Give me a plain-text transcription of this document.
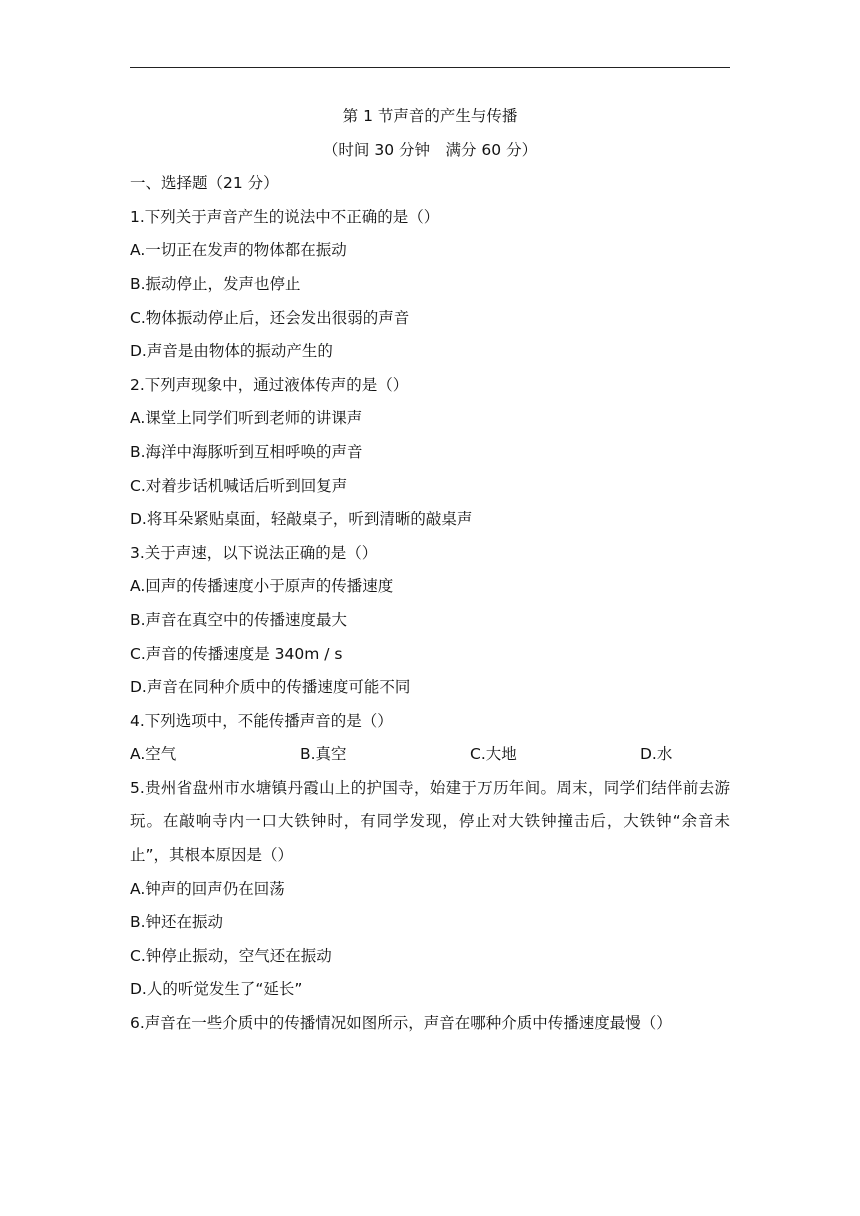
第 1 节声音的产生与传播
（时间 30 分钟　满分 60 分）
一、选择题（21 分）
1.下列关于声音产生的说法中不正确的是（）
A.一切正在发声的物体都在振动
B.振动停止，发声也停止
C.物体振动停止后，还会发出很弱的声音
D.声音是由物体的振动产生的
2.下列声现象中，通过液体传声的是（）
A.课堂上同学们听到老师的讲课声
B.海洋中海豚听到互相呼唤的声音
C.对着步话机喊话后听到回复声
D.将耳朵紧贴桌面，轻敲桌子，听到清晰的敲桌声
3.关于声速，以下说法正确的是（）
A.回声的传播速度小于原声的传播速度
B.声音在真空中的传播速度最大
C.声音的传播速度是 340m / s
D.声音在同种介质中的传播速度可能不同
4.下列选项中，不能传播声音的是（）
A.空气	B.真空	C.大地	D.水
5.贵州省盘州市水塘镇丹霞山上的护国寺，始建于万历年间。周末，同学们结伴前去游玩。在敲响寺内一口大铁钟时，有同学发现，停止对大铁钟撞击后，大铁钟“余音未止”，其根本原因是（）
A.钟声的回声仍在回荡
B.钟还在振动
C.钟停止振动，空气还在振动
D.人的听觉发生了“延长”
6.声音在一些介质中的传播情况如图所示，声音在哪种介质中传播速度最慢（）
